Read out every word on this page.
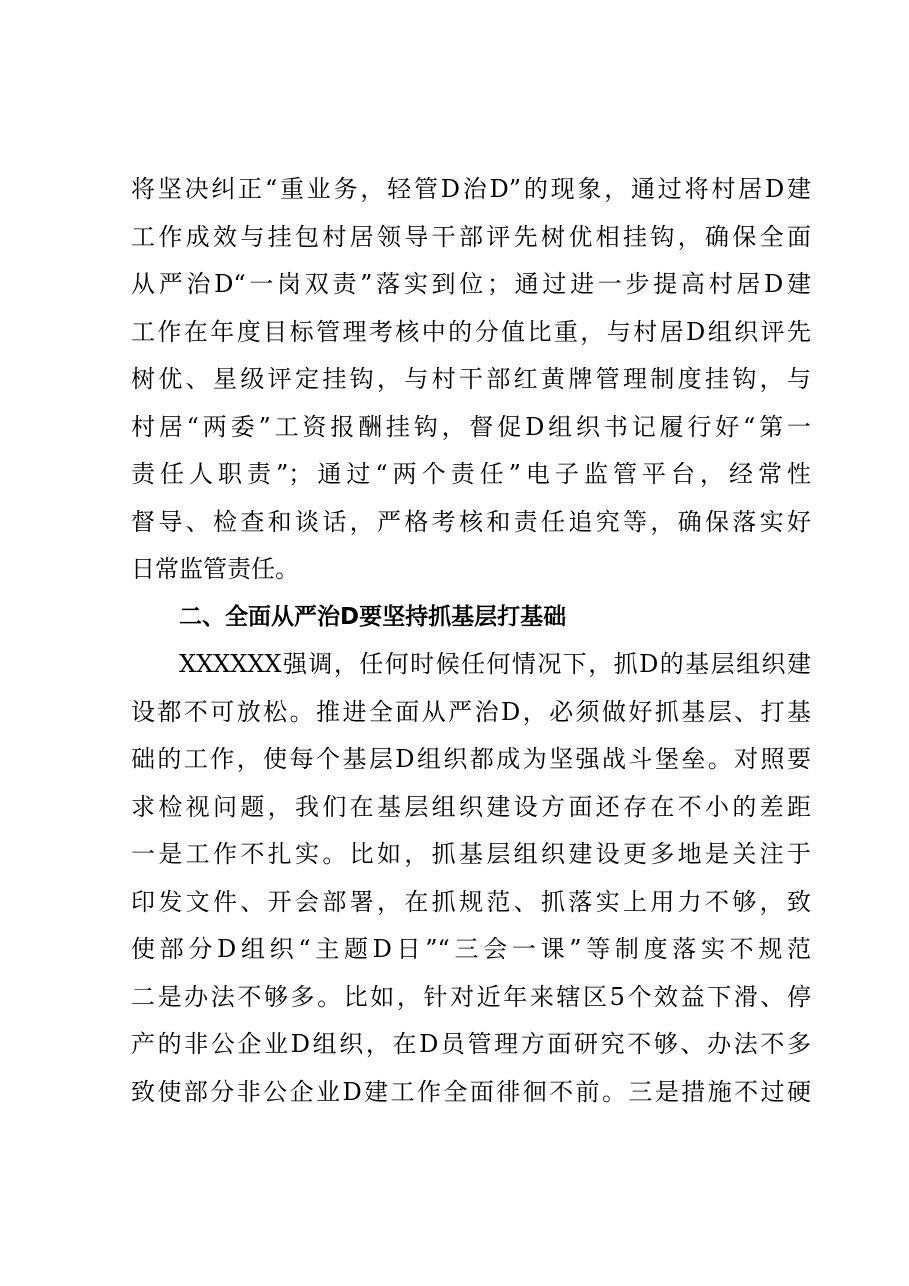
将坚决纠正“重业务，轻管D治D”的现象，通过将村居D建
工作成效与挂包村居领导干部评先树优相挂钩，确保全面
从严治D“一岗双责”落实到位；通过进一步提高村居D建
工作在年度目标管理考核中的分值比重，与村居D组织评先
树优、星级评定挂钩，与村干部红黄牌管理制度挂钩，与
村居“两委”工资报酬挂钩，督促D组织书记履行好“第一
责任人职责”；通过“两个责任”电子监管平台，经常性
督导、检查和谈话，严格考核和责任追究等，确保落实好
日常监管责任。
二、全面从严治D要坚持抓基层打基础
XXXXXX强调，任何时候任何情况下，抓D的基层组织建
设都不可放松。推进全面从严治D，必须做好抓基层、打基
础的工作，使每个基层D组织都成为坚强战斗堡垒。对照要
求检视问题，我们在基层组织建设方面还存在不小的差距
一是工作不扎实。比如，抓基层组织建设更多地是关注于
印发文件、开会部署，在抓规范、抓落实上用力不够，致
使部分D组织“主题D日”“三会一课”等制度落实不规范
二是办法不够多。比如，针对近年来辖区5个效益下滑、停
产的非公企业D组织，在D员管理方面研究不够、办法不多
致使部分非公企业D建工作全面徘徊不前。三是措施不过硬
